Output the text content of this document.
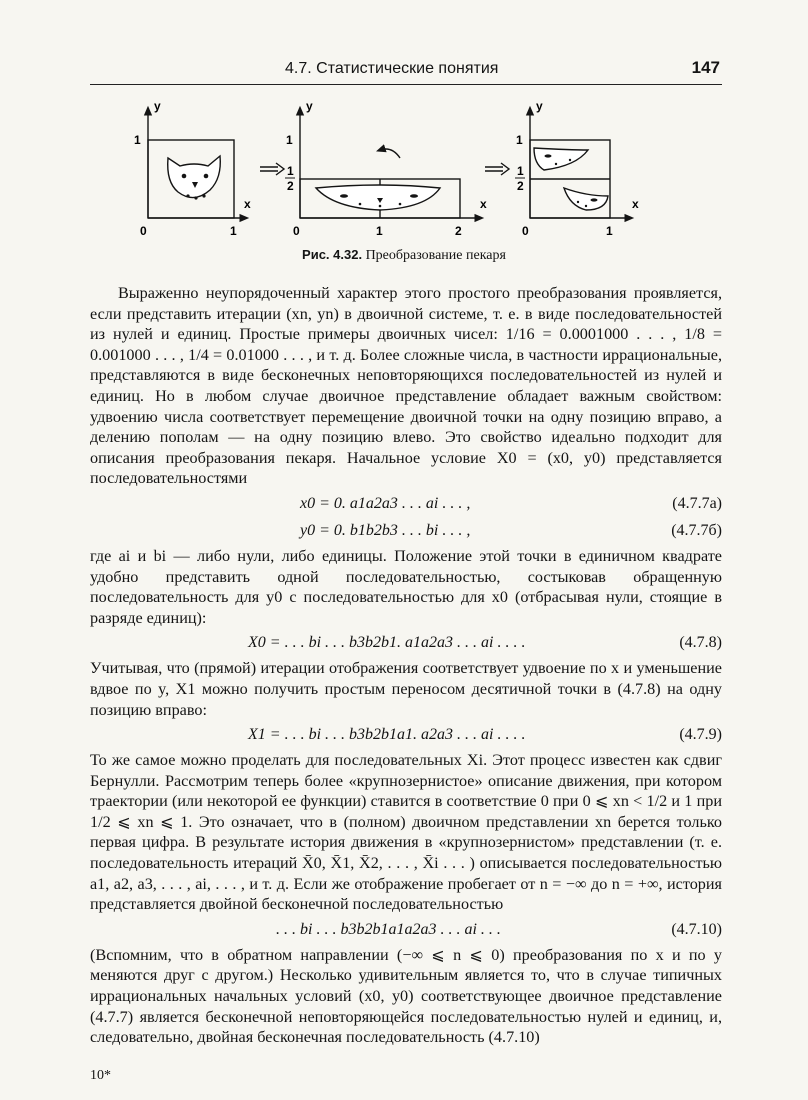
4.7. Статистические понятия	147
y
x
1
0	1
y
x
1
1
2
0	1	2
y
x
1
1
2
0	1
Рис. 4.32. Преобразование пекаря

Выраженно неупорядоченный характер этого простого преобразования проявляется, если представить итерации (xn, yn) в двоичной системе, т. е. в виде последовательностей из нулей и единиц. Простые примеры двоичных чисел: 1/16 = 0.0001000 . . . , 1/8 = 0.001000 . . . , 1/4 = 0.01000 . . . , и т. д. Более сложные числа, в частности иррациональные, представляются в виде бесконечных неповторяющихся последовательностей из нулей и единиц. Но в любом случае двоичное представление обладает важным свойством: удвоению числа соответствует перемещение двоичной точки на одну позицию вправо, а делению пополам — на одну позицию влево. Это свойство идеально подходит для описания преобразования пекаря. Начальное условие X0 = (x0, y0) представляется последовательностями

x0 = 0. a1a2a3 . . . ai . . . ,	(4.7.7а)
y0 = 0. b1b2b3 . . . bi . . . ,	(4.7.7б)

где ai и bi — либо нули, либо единицы. Положение этой точки в единичном квадрате удобно представить одной последовательностью, состыковав обращенную последовательность для y0 с последовательностью для x0 (отбрасывая нули, стоящие в разряде единиц):

X0 = . . . bi . . . b3b2b1. a1a2a3 . . . ai . . . .	(4.7.8)

Учитывая, что (прямой) итерации отображения соответствует удвоение по x и уменьшение вдвое по y, X1 можно получить простым переносом десятичной точки в (4.7.8) на одну позицию вправо:

X1 = . . . bi . . . b3b2b1a1. a2a3 . . . ai . . . .	(4.7.9)

То же самое можно проделать для последовательных Xi. Этот процесс известен как сдвиг Бернулли. Рассмотрим теперь более «крупнозернистое» описание движения, при котором траектории (или некоторой ее функции) ставится в соответствие 0 при 0 ⩽ xn < 1/2 и 1 при 1/2 ⩽ xn ⩽ 1. Это означает, что в (полном) двоичном представлении xn берется только первая цифра. В результате история движения в «крупнозернистом» представлении (т. е. последовательность итераций X̄0, X̄1, X̄2, . . . , X̄i . . . ) описывается последовательностью a1, a2, a3, . . . , ai, . . . , и т. д. Если же отображение пробегает от n = −∞ до n = +∞, история представляется двойной бесконечной последовательностью

. . . bi . . . b3b2b1a1a2a3 . . . ai . . .	(4.7.10)

(Вспомним, что в обратном направлении (−∞ ⩽ n ⩽ 0) преобразования по x и по y меняются друг с другом.) Несколько удивительным является то, что в случае типичных иррациональных начальных условий (x0, y0) соответствующее двоичное представление (4.7.7) является бесконечной неповторяющейся последовательностью нулей и единиц, и, следовательно, двойная бесконечная последовательность (4.7.10)

10*
